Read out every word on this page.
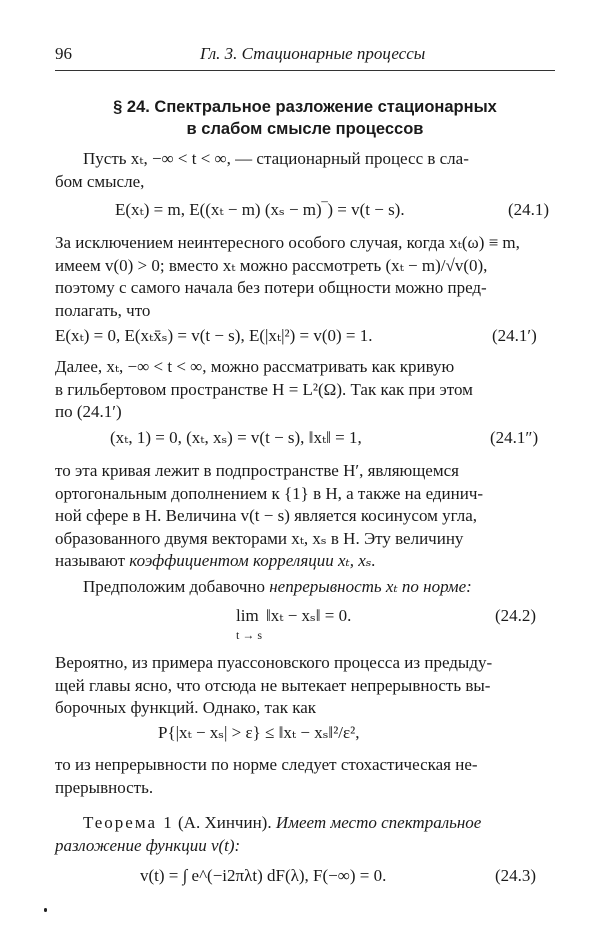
96	Гл. 3. Стационарные процессы
§ 24. Спектральное разложение стационарных
в слабом смысле процессов
Пусть xₜ, −∞ < t < ∞, — стационарный процесс в сла-
бом смысле,
E(xₜ) = m, E((xₜ − m) (xₛ − m)‾) = v(t − s).	(24.1)
За исключением неинтересного особого случая, когда xₜ(ω) ≡ m,
имеем v(0) > 0; вместо xₜ можно рассмотреть (xₜ − m)/√v(0),
поэтому с самого начала без потери общности можно пред-
полагать, что
E(xₜ) = 0, E(xₜx̄ₛ) = v(t − s), E(|xₜ|²) = v(0) = 1.	(24.1′)
Далее, xₜ, −∞ < t < ∞, можно рассматривать как кривую
в гильбертовом пространстве H = L²(Ω). Так как при этом
по (24.1′)
(xₜ, 1) = 0, (xₜ, xₛ) = v(t − s), ‖xₜ‖ = 1,	(24.1″)
то эта кривая лежит в подпространстве H′, являющемся
ортогональным дополнением к {1} в H, а также на единич-
ной сфере в H. Величина v(t − s) является косинусом угла,
образованного двумя векторами xₜ, xₛ в H. Эту величину
называют коэффициентом корреляции xₜ, xₛ.
Предположим добавочно непрерывность xₜ по норме:
lim
t → s
‖xₜ − xₛ‖ = 0.	(24.2)
Вероятно, из примера пуассоновского процесса из предыду-
щей главы ясно, что отсюда не вытекает непрерывность вы-
борочных функций. Однако, так как
P{|xₜ − xₛ| > ε} ≤ ‖xₜ − xₛ‖²/ε²,
то из непрерывности по норме следует стохастическая не-
прерывность.
Теорема 1 (А. Хинчин). Имеет место спектральное
разложение функции v(t):
v(t) = ∫ e^(−i2πλt) dF(λ), F(−∞) = 0.	(24.3)
